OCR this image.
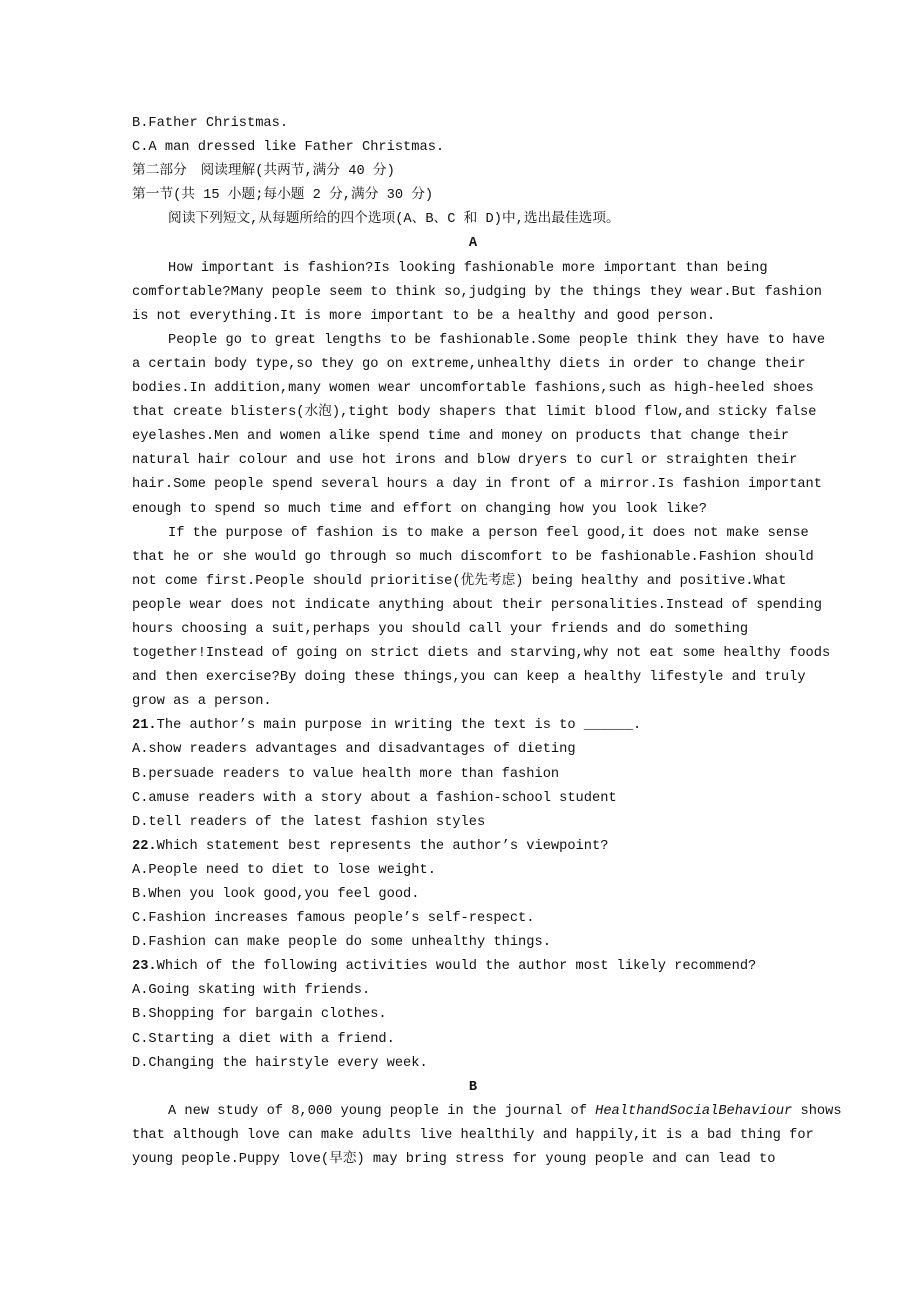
B.Father Christmas.
C.A man dressed like Father Christmas.
第二部分　阅读理解(共两节,满分 40 分)
第一节(共 15 小题;每小题 2 分,满分 30 分)
阅读下列短文,从每题所给的四个选项(A、B、C 和 D)中,选出最佳选项。
A
How important is fashion?Is looking fashionable more important than being
comfortable?Many people seem to think so,judging by the things they wear.But fashion
is not everything.It is more important to be a healthy and good person.
People go to great lengths to be fashionable.Some people think they have to have
a certain body type,so they go on extreme,unhealthy diets in order to change their
bodies.In addition,many women wear uncomfortable fashions,such as high-heeled shoes
that create blisters(水泡),tight body shapers that limit blood flow,and sticky false
eyelashes.Men and women alike spend time and money on products that change their
natural hair colour and use hot irons and blow dryers to curl or straighten their
hair.Some people spend several hours a day in front of a mirror.Is fashion important
enough to spend so much time and effort on changing how you look like?
If the purpose of fashion is to make a person feel good,it does not make sense
that he or she would go through so much discomfort to be fashionable.Fashion should
not come first.People should prioritise(优先考虑) being healthy and positive.What
people wear does not indicate anything about their personalities.Instead of spending
hours choosing a suit,perhaps you should call your friends and do something
together!Instead of going on strict diets and starving,why not eat some healthy foods
and then exercise?By doing these things,you can keep a healthy lifestyle and truly
grow as a person.
21.The author’s main purpose in writing the text is to ______.
A.show readers advantages and disadvantages of dieting
B.persuade readers to value health more than fashion
C.amuse readers with a story about a fashion-school student
D.tell readers of the latest fashion styles
22.Which statement best represents the author’s viewpoint?
A.People need to diet to lose weight.
B.When you look good,you feel good.
C.Fashion increases famous people’s self-respect.
D.Fashion can make people do some unhealthy things.
23.Which of the following activities would the author most likely recommend?
A.Going skating with friends.
B.Shopping for bargain clothes.
C.Starting a diet with a friend.
D.Changing the hairstyle every week.
B
A new study of 8,000 young people in the journal of HealthandSocialBehaviour shows
that although love can make adults live healthily and happily,it is a bad thing for
young people.Puppy love(早恋) may bring stress for young people and can lead to
